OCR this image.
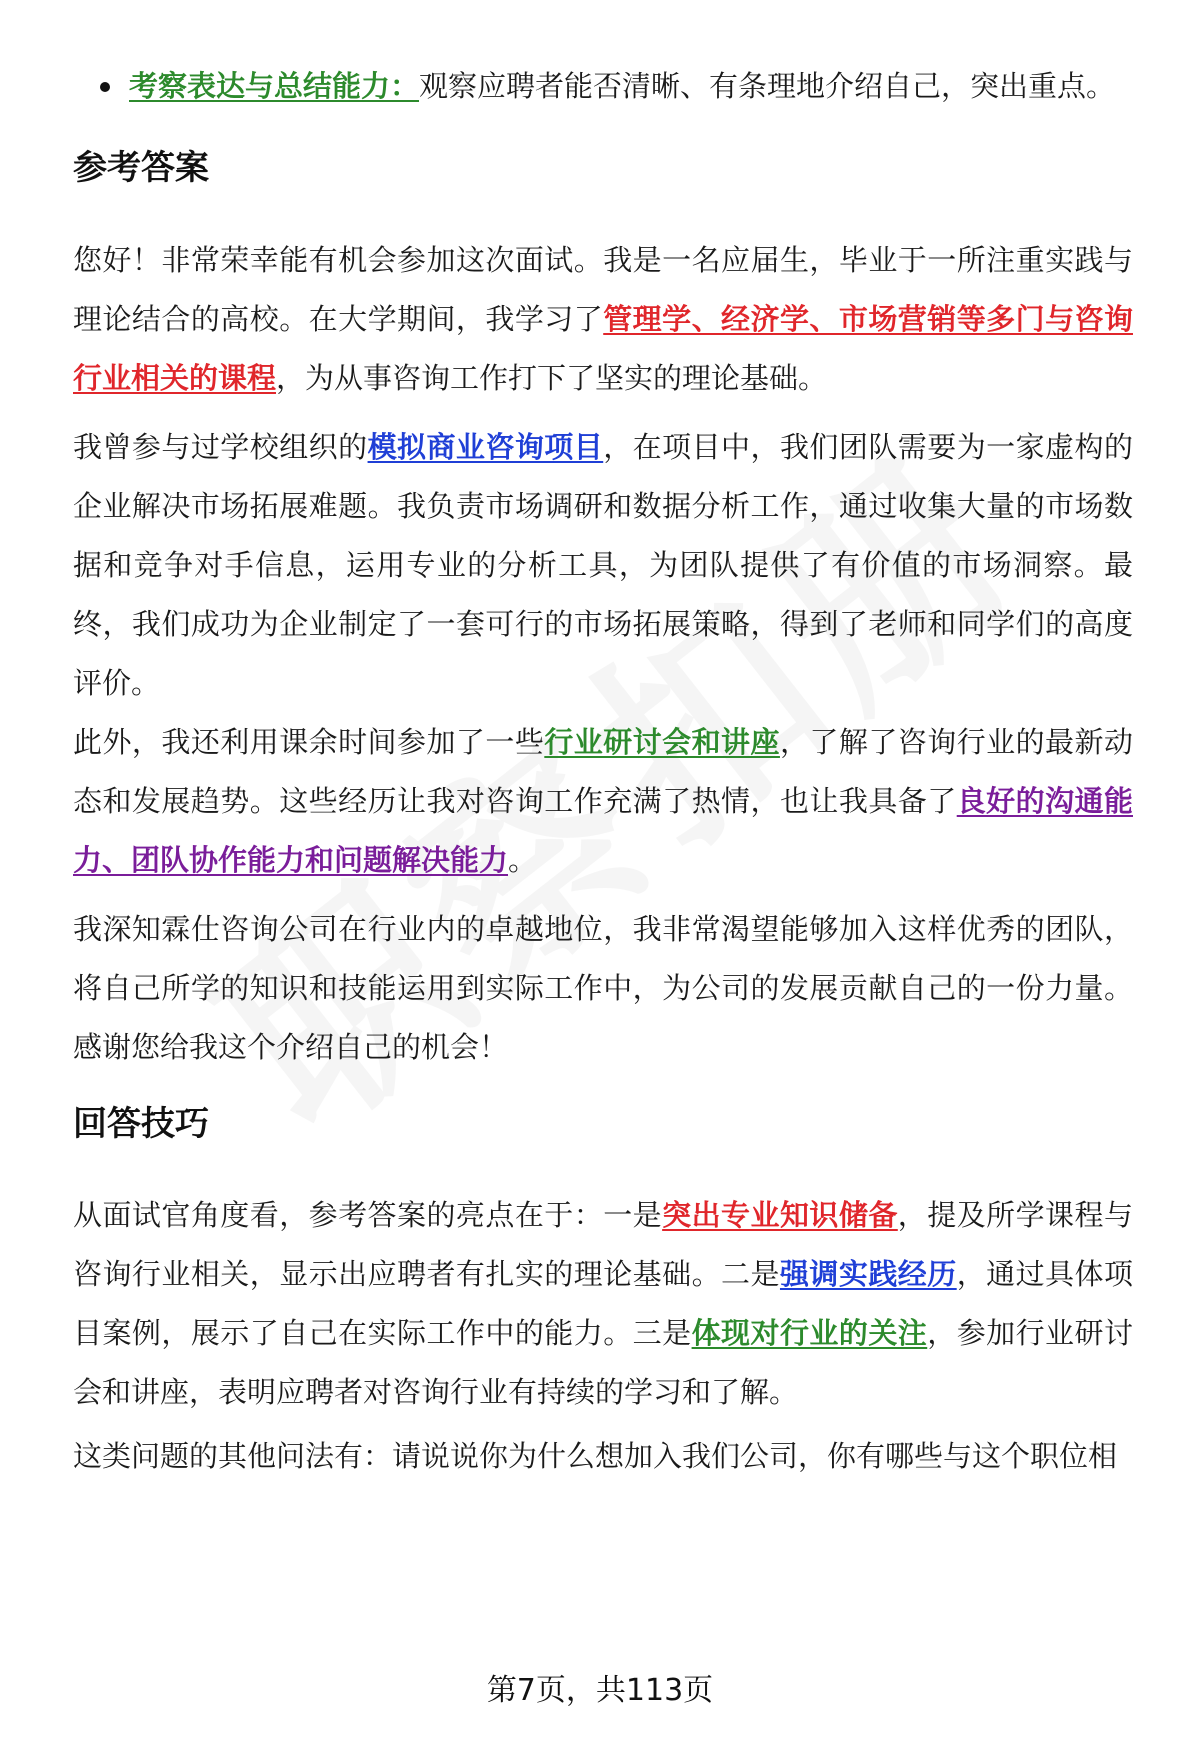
考察表达与总结能力：观察应聘者能否清晰、有条理地介绍自己，突出重点。
参考答案

您好！非常荣幸能有机会参加这次面试。我是一名应届生，毕业于一所注重实践与理论结合的高校。在大学期间，我学习了管理学、经济学、市场营销等多门与咨询行业相关的课程，为从事咨询工作打下了坚实的理论基础。

我曾参与过学校组织的模拟商业咨询项目，在项目中，我们团队需要为一家虚构的企业解决市场拓展难题。我负责市场调研和数据分析工作，通过收集大量的市场数据和竞争对手信息，运用专业的分析工具，为团队提供了有价值的市场洞察。最终，我们成功为企业制定了一套可行的市场拓展策略，得到了老师和同学们的高度评价。

此外，我还利用课余时间参加了一些行业研讨会和讲座，了解了咨询行业的最新动态和发展趋势。这些经历让我对咨询工作充满了热情，也让我具备了良好的沟通能力、团队协作能力和问题解决能力。

我深知霖仕咨询公司在行业内的卓越地位，我非常渴望能够加入这样优秀的团队，将自己所学的知识和技能运用到实际工作中，为公司的发展贡献自己的一份力量。感谢您给我这个介绍自己的机会！

回答技巧

从面试官角度看，参考答案的亮点在于：一是突出专业知识储备，提及所学课程与咨询行业相关，显示出应聘者有扎实的理论基础。二是强调实践经历，通过具体项目案例，展示了自己在实际工作中的能力。三是体现对行业的关注，参加行业研讨会和讲座，表明应聘者对咨询行业有持续的学习和了解。

这类问题的其他问法有：请说说你为什么想加入我们公司，你有哪些与这个职位相

第7页，共113页
